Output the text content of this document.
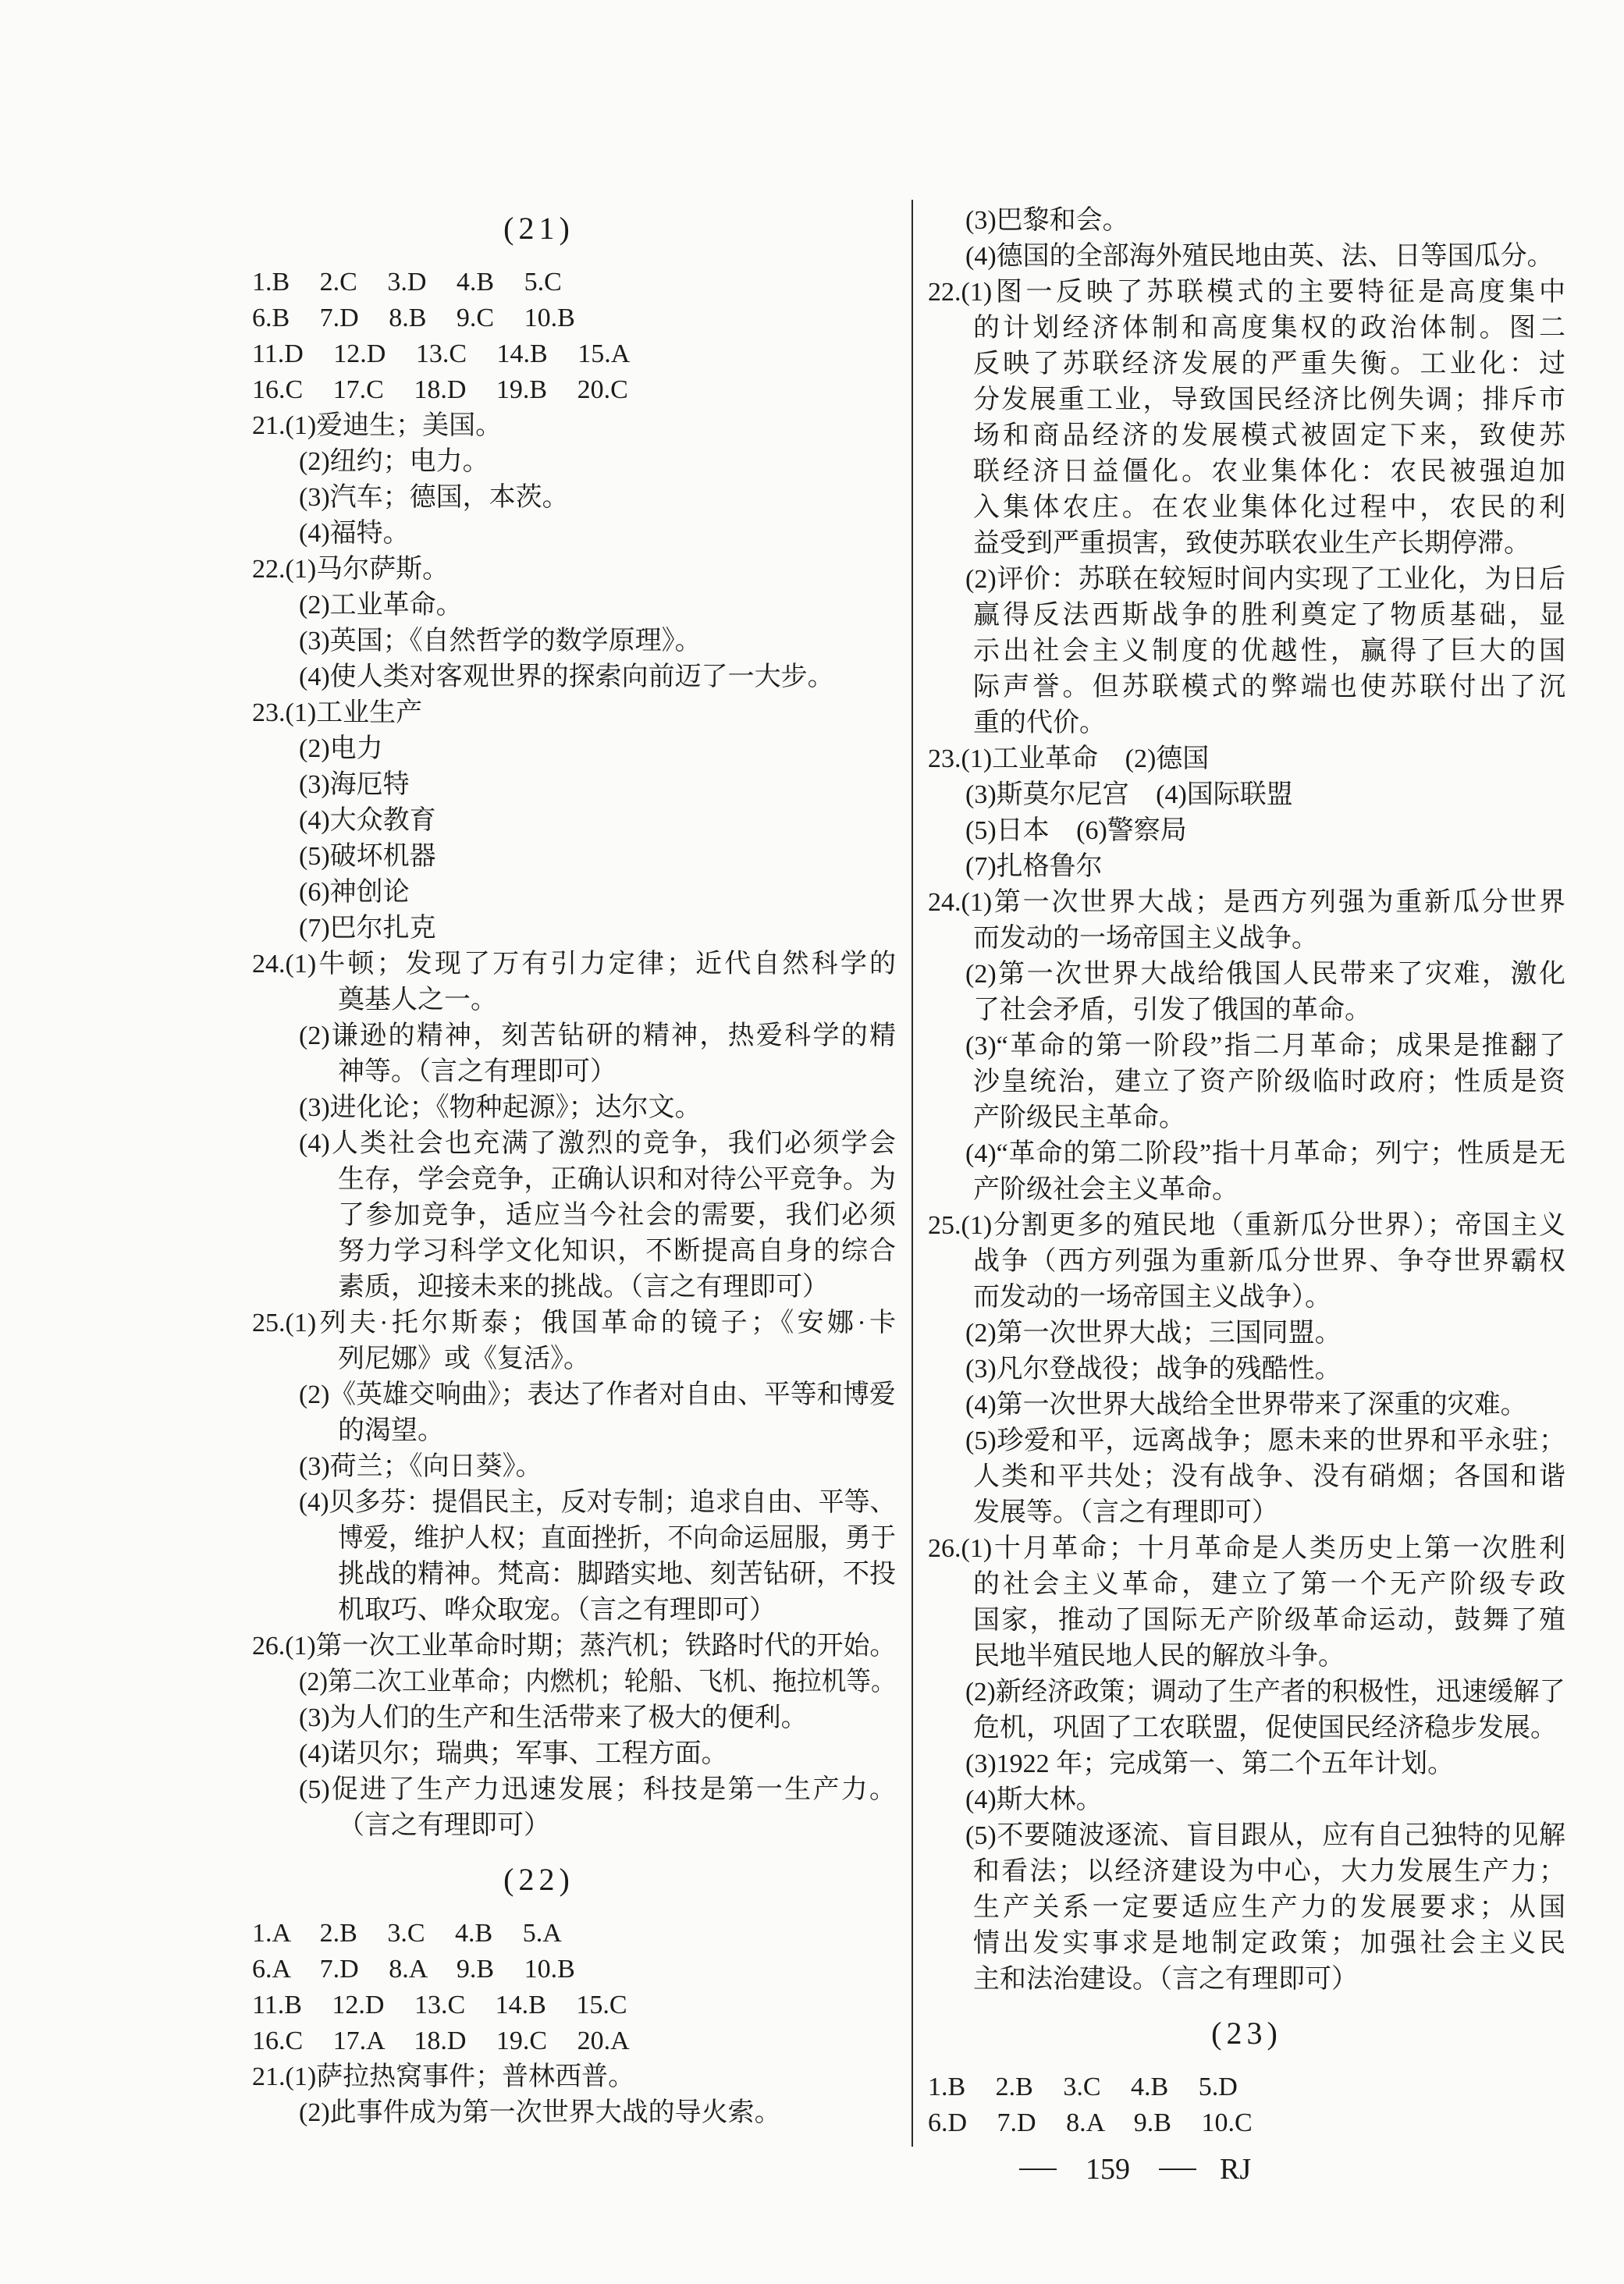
(21)
1.B 2.C 3.D 4.B 5.C
6.B 7.D 8.B 9.C 10.B
11.D 12.D 13.C 14.B 15.A
16.C 17.C 18.D 19.B 20.C
21.(1)爱迪生；美国。
(2)纽约；电力。
(3)汽车；德国，本茨。
(4)福特。
22.(1)马尔萨斯。
(2)工业革命。
(3)英国；《自然哲学的数学原理》。
(4)使人类对客观世界的探索向前迈了一大步。
23.(1)工业生产
(2)电力
(3)海厄特
(4)大众教育
(5)破坏机器
(6)神创论
(7)巴尔扎克
24.(1)牛顿；发现了万有引力定律；近代自然科学的
奠基人之一。
(2)谦逊的精神，刻苦钻研的精神，热爱科学的精
神等。（言之有理即可）
(3)进化论；《物种起源》；达尔文。
(4)人类社会也充满了激烈的竞争，我们必须学会
生存，学会竞争，正确认识和对待公平竞争。为
了参加竞争，适应当今社会的需要，我们必须
努力学习科学文化知识，不断提高自身的综合
素质，迎接未来的挑战。（言之有理即可）
25.(1)列夫·托尔斯泰；俄国革命的镜子；《安娜·卡
列尼娜》或《复活》。
(2)《英雄交响曲》；表达了作者对自由、平等和博爱
的渴望。
(3)荷兰；《向日葵》。
(4)贝多芬：提倡民主，反对专制；追求自由、平等、
博爱，维护人权；直面挫折，不向命运屈服，勇于
挑战的精神。梵高：脚踏实地、刻苦钻研，不投
机取巧、哗众取宠。（言之有理即可）
26.(1)第一次工业革命时期；蒸汽机；铁路时代的开始。
(2)第二次工业革命；内燃机；轮船、飞机、拖拉机等。
(3)为人们的生产和生活带来了极大的便利。
(4)诺贝尔；瑞典；军事、工程方面。
(5)促进了生产力迅速发展；科技是第一生产力。
（言之有理即可）
(22)
1.A 2.B 3.C 4.B 5.A
6.A 7.D 8.A 9.B 10.B
11.B 12.D 13.C 14.B 15.C
16.C 17.A 18.D 19.C 20.A
21.(1)萨拉热窝事件；普林西普。
(2)此事件成为第一次世界大战的导火索。
(3)巴黎和会。
(4)德国的全部海外殖民地由英、法、日等国瓜分。
22.(1)图一反映了苏联模式的主要特征是高度集中
的计划经济体制和高度集权的政治体制。图二
反映了苏联经济发展的严重失衡。工业化：过
分发展重工业，导致国民经济比例失调；排斥市
场和商品经济的发展模式被固定下来，致使苏
联经济日益僵化。农业集体化：农民被强迫加
入集体农庄。在农业集体化过程中，农民的利
益受到严重损害，致使苏联农业生产长期停滞。
(2)评价：苏联在较短时间内实现了工业化，为日后
赢得反法西斯战争的胜利奠定了物质基础，显
示出社会主义制度的优越性，赢得了巨大的国
际声誉。但苏联模式的弊端也使苏联付出了沉
重的代价。
23.(1)工业革命 (2)德国
(3)斯莫尔尼宫 (4)国际联盟
(5)日本 (6)警察局
(7)扎格鲁尔
24.(1)第一次世界大战；是西方列强为重新瓜分世界
而发动的一场帝国主义战争。
(2)第一次世界大战给俄国人民带来了灾难，激化
了社会矛盾，引发了俄国的革命。
(3)“革命的第一阶段”指二月革命；成果是推翻了
沙皇统治，建立了资产阶级临时政府；性质是资
产阶级民主革命。
(4)“革命的第二阶段”指十月革命；列宁；性质是无
产阶级社会主义革命。
25.(1)分割更多的殖民地（重新瓜分世界）；帝国主义
战争（西方列强为重新瓜分世界、争夺世界霸权
而发动的一场帝国主义战争）。
(2)第一次世界大战；三国同盟。
(3)凡尔登战役；战争的残酷性。
(4)第一次世界大战给全世界带来了深重的灾难。
(5)珍爱和平，远离战争；愿未来的世界和平永驻；
人类和平共处；没有战争、没有硝烟；各国和谐
发展等。（言之有理即可）
26.(1)十月革命；十月革命是人类历史上第一次胜利
的社会主义革命，建立了第一个无产阶级专政
国家，推动了国际无产阶级革命运动，鼓舞了殖
民地半殖民地人民的解放斗争。
(2)新经济政策；调动了生产者的积极性，迅速缓解了
危机，巩固了工农联盟，促使国民经济稳步发展。
(3)1922 年；完成第一、第二个五年计划。
(4)斯大林。
(5)不要随波逐流、盲目跟从，应有自己独特的见解
和看法；以经济建设为中心，大力发展生产力；
生产关系一定要适应生产力的发展要求；从国
情出发实事求是地制定政策；加强社会主义民
主和法治建设。（言之有理即可）
(23)
1.B 2.B 3.C 4.B 5.D
6.D 7.D 8.A 9.B 10.C
159	RJ
